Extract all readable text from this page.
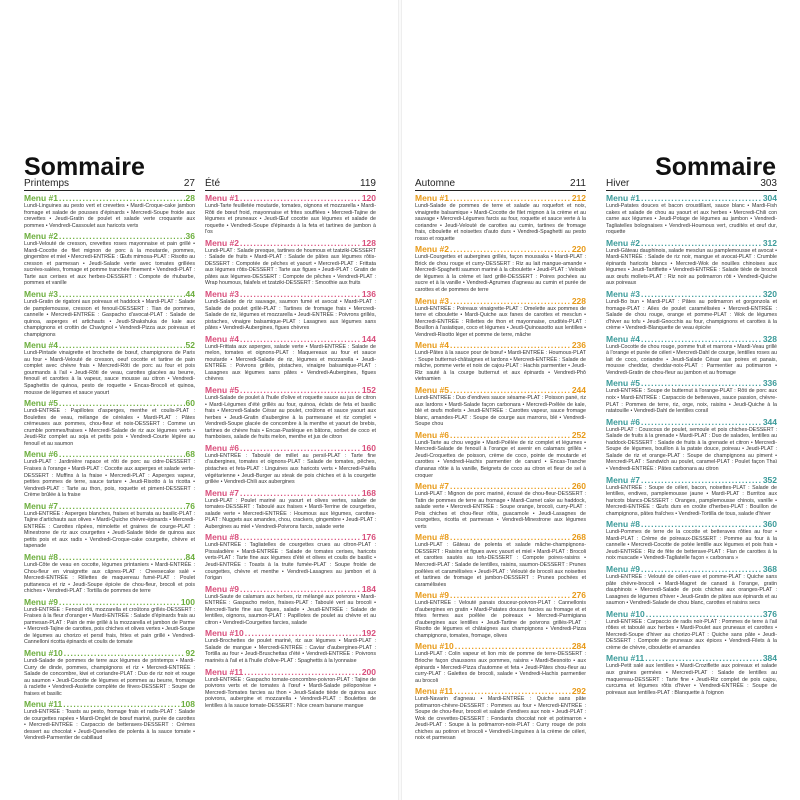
Sommaire
Printemps	27
Menu #1 .....	28

Lundi-Linguines au pesto vert et crevettes • Mardi-Croque-cake jambon fromage et salade de pousses d'épinards • Mercredi-Soupe froide aux crevettes • Jeudi-Gratin de poulet et salade verte croquante aux pommes • Vendredi-Cassoulet aux haricots verts

Menu #2 .....	36

Lundi-Velouté de cresson, crevettes roses mayonnaise et pain grillé • Mardi-Cocotte de filet mignon de porc à la moutarde, pommes, gingembre et miel • Mercredi-ENTRÉE : Œufs mimosa-PLAT : Risotto au cresson et parmesan • Jeudi-Salade verte avec tomates grillées sucrées-salées, fromage et pomme tranchée finement • Vendredi-PLAT : Tarte aux cerises et aux herbes-DESSERT : Compote de rhubarbe, pommes et vanille

Menu #3 .....	44

Lundi-Gratin de rigatoni aux poireaux et haddock • Mardi-PLAT : Salade de pamplemousse, cresson et fenouil-DESSERT : Tian de pommes, cannelle • Mercredi-ENTRÉE : Gaspacho d'avocat-PLAT : Salade de quinoa, asperges et artichauts • Jeudi-Shakshuka de kale aux champignons et crottin de Chavignol • Vendredi-Pizza aux poireaux et champignons

Menu #4 .....	52

Lundi-Pintade vinaigrette et brochette de bœuf, champignons de Paris au four • Mardi-Velouté de cresson, oeuf cocotte et tartine de pain complet avec chèvre frais • Mercredi-Rôti de porc au four et pois gourmands à l'ail • Jeudi-Rôti de veau, carottes glacées au beurre, fenouil et carottes à la vapeur, sauce mousse au citron • Vendredi-Spaghettis de quinoa, pesto de roquette • Encas-Brocoli et quinoa, mousse de légumes et sauce yaourt

Menu #5 .....	60

Lundi-ENTRÉE : Papillotes d'asperges, menthe et coulis-PLAT : Boulettes de veau, mélange de céréales • Mardi-PLAT : Pâtes crémeuses aux pommes, chou-fleur et noix-DESSERT : Comme un crumble pommes/fraises • Mercredi-Salade de riz aux légumes verts • Jeudi-Riz complet au soja et petits pois • Vendredi-Courte légère au fenouil et au saumon

Menu #6 .....	68

Lundi-PLAT : Jardinière rapace et rôti de porc au cidre-DESSERT : Fraises à l'orange • Mardi-PLAT : Cocotte aux asperges et salade verte-DESSERT : Muffins à la fraise • Mercredi-PLAT : Asperges vapeur, petites pommes de terre, sauce tartare • Jeudi-Risotto à la ricotta • Vendredi-PLAT : Tarte au thon, pois, roquette et piment-DESSERT : Crème brûlée à la fraise

Menu #7 .....	76

Lundi-ENTRÉE : Asperges blanches, fraises et burrata au basilic-PLAT : Tajine d'artichauts aux olives • Mardi-Quiche chèvre-épinards • Mercredi-ENTRÉE : Carottes râpées, mimolette et graines de courge-PLAT : Minestrone de riz aux courgettes • Jeudi-Salade tiède de quinoa aux petits pois et aux radis • Vendredi-Croque-cake courgette, chèvre et tapenade

Menu #8 .....	84

Lundi-Côte de veau en cocotte, légumes printaniers • Mardi-ENTRÉE : Chou-fleur en vinaigrette aux câpres-PLAT : Cheesecake salé • Mercredi-ENTRÉE : Rillettes de maquereau fumé-PLAT : Poulet puttanesca et riz • Jeudi-Soupe épicée de chou-fleur, brocoli et pois chiches • Vendredi-PLAT : Tortilla de pommes de terre

Menu #9 .....	100

Lundi-ENTRÉE : Fenouil rôti, mozzarella et croûtons grillés-DESSERT : Fraises à la fleur d'oranger • Mardi-ENTRÉE : Salade d'épinards frais au parmesan-PLAT : Pain de mie grillé à la mozzarella et jambon de Parme • Mercredi-Tajine de carottes, pois chiches et olives vertes • Jeudi-Soupe de légumes au chorizo et persil frais, frites et pain grillé • Vendredi-Cannelloni ricotta épinards et coulis de tomate

Menu #10 .....	92

Lundi-Salade de pommes de terre aux légumes de printemps • Mardi-Curry de dinde, pommes, champignons et riz • Mercredi-ENTRÉE : Salade de concombre, kiwi et coriandre-PLAT : Duo de riz noir et rouge au saumon • Jeudi-Cocotte de légumes et pommes au beurre, fromage à raclette • Vendredi-Assiette complète de fèves-DESSERT : Soupe de fraises et basilic

Menu #11 .....	108

Lundi-ENTRÉE : Toasts au pesto, fromage frais et radis-PLAT : Salade de courgettes rapées • Mardi-Onglet de bœuf mariné, purée de carottes • Mercredi-ENTRÉE : Carpaccio de betteraves-DESSERT : Crèmes dessert au chocolat • Jeudi-Quenelles de polenta à la sauce tomate • Vendredi-Parmentier de cabillaud

Été	119
Menu #1 .....	120

Lundi-Tarte feuilletée moutarde, tomates, oignons et mozzarella • Mardi-Rôti de bœuf froid, mayonnaise et frites soufflées • Mercredi-Tajine de légumes et pruneaux • Jeudi-Œuf cocotte aux légumes et salade de roquette • Vendredi-Soupe d'épinards à la feta et tartines de jambon à l'os

Menu #2 .....	128

Lundi-PLAT : Salade presque, tartines de houmous et tzatziki-DESSERT : Salade de fruits • Mardi-PLAT : Salade de pâtes aux légumes rôtis-DESSERT : Compotée de pêches et yaourt • Mercredi-PLAT : Frittata aux légumes rôtis-DESSERT : Tarte aux figues • Jeudi-PLAT : Gratin de pâtes aux légumes-DESSERT : Compote de pêches • Vendredi-PLAT : Wrap houmous, falafels et tzatziki-DESSERT : Smoothie aux fruits

Menu #3 .....	136

Lundi-Salade de riz sauvage, saumon fumé et avocat • Mardi-PLAT : Salade de poulet grillé-PLAT : Tartines de fromage frais • Mercredi-Salade de riz, légumes et mozzarella • Jeudi-ENTRÉE : Poivrons grillés, pistaches, vinaigre balsamique-PLAT : Lasagnes aux légumes sans pâtes • Vendredi-Aubergines, figues chèvres

Menu #4 .....	144

Lundi-Frittata aux asperges, salade verte • Mardi-ENTRÉE : Salade de melon, tomates et oignons-PLAT : Maquereaux au four et sauce moutarde • Mercredi-Salade de riz, légumes et mozzarella • Jeudi-ENTRÉE : Poivrons grillés, pistaches, vinaigre balsamique-PLAT : Lasagnes aux légumes sans pâtes • Vendredi-Aubergines, figues chèvres

Menu #5 .....	152

Lundi-Salade de poulet à l'huile d'olive et roquette sauce au jus de citron • Mardi-Légumes d'été grillés au four, quinoa, éclats de feta et basilic frais • Mercredi-Salade César au poulet, croûtons et sauce yaourt aux herbes • Jeudi-Gratin d'aubergine à la parmesane et riz complet • Vendredi-Soupe glacée de concombre à la menthe et yaourt de brebis, tartines de chèvre frais • Encas-Pastèque en bâtons, sorbet de coco et framboises, salade de fruits melon, menthe et jus de citron

Menu #6 .....	160

Lundi-ENTRÉE : Taboulé de millet au persil-PLAT : Tarte fine d'aubergines, tomates et oignons-PLAT : Salade de tomates, pêches, pistaches et feta-PLAT : Linguines aux haricots verts • Mercredi-Paëlla végétarienne • Jeudi-Burger au steak de pois chiches et à la courgette grillée • Vendredi-Chili aux aubergines

Menu #7 .....	168

Lundi-PLAT : Poulet mariné au yaourt et olives vertes, salade de tomates-DESSERT : Taboulé aux fraises • Mardi-Terrine de courgettes, salade verte • Mercredi-ENTRÉE : Houmous aux légumes, carottes-PLAT : Nuggets aux amandes, chou, crackers, gingembre • Jeudi-PLAT : Aubergines au miel • Vendredi-Poivrons farcis, salade verte

Menu #8 .....	176

Lundi-ENTRÉE : Tagliatelles de courgettes crues au citron-PLAT : Pissaladière • Mardi-ENTRÉE : Salade de tomates cerises, haricots verts-PLAT : Tarte fine aux légumes d'été et olives et coulis de basilic • Jeudi-ENTRÉE : Toasts à la truite fumée-PLAT : Soupe froide de courgettes, chèvre et menthe • Vendredi-Lasagnes au jambon et à l'origan

Menu #9 .....	184

Lundi-Saute de calamars aux herbes, riz mélangé aux poivrons • Mardi-ENTRÉE : Gaspacho melon, fraises-PLAT : Taboulé vert au brocoli • Mercredi-Tarte fine aux figues, salade • Jeudi-ENTRÉE : Salade de lentilles, oignons, saumon-PLAT : Papillotes de poulet au chèvre et au citron • Vendredi-Courgettes farcies, salade

Menu #10 .....	192

Lundi-Brochettes de poulet mariné, riz aux légumes • Mardi-PLAT : Salade de mangue • Mercredi-ENTRÉE : Caviar d'aubergines-PLAT : Tortilla au four • Jeudi-Bruschettas d'été • Vendredi-ENTRÉE : Poivrons marinés à l'ail et à l'huile d'olive-PLAT : Spaghettis à la lyonnaise

Menu #11 .....	200

Lundi-ENTRÉE : Gaspacho tomate-concombre-poivron-PLAT : Tajine de poivrons verts et de tomates à l'œuf • Mardi-Salade péloponèse • Mercredi-Tomates farcies au thon • Jeudi-Salade tiède de quinoa aux poivrons, aubergine et mozzarella • Vendredi-PLAT : Boulettes de lentilles à la sauce tomate-DESSERT : Nice cream banane mangue

Sommaire
Automne	211
Menu #1 .....	212

Lundi-Salade de pommes de terre et salade au roquefort et noix, vinaigrette balsamique • Mardi-Cocotte de filet mignon à la crème et au sauvage • Mercredi-Légumes farcis au four, roquette et sauce verte à la coriandre • Jeudi-Velouté de carottes au cumin, tartines de fromage frais, ciboulette et noisettes d'auto durs • Vendredi-Spaghetti au pesto rosso et roquette

Menu #2 .....	220

Lundi-Courgettes et aubergines grillés, façon moussaka • Mardi-PLAT : Brick de chou rouge et curry-DESSERT : Riz au lait mangue-amande • Mercredi-Spaghetti saumon mariné à la ciboulette • Jeudi-PLAT : Velouté de légumes à la crème et lard grillé-DESSERT : Poires pochées au sucre et à la vanille • Vendredi-Agrumes d'agneau au cumin et purée de carottes et de pommes de terre

Menu #3 .....	228

Lundi-ENTRÉE : Poireaux vinaigrette-PLAT : Omelette aux pommes de terre et ciboulette • Mardi-Quiche aux fanes de carottes et mesclun • Mercredi-ENTRÉE : Rillettes de thon et mayonnaise, crudités-PLAT : Bouillon à l'asiatique, coco et légumes • Jeudi-Quinoasotto aux lentilles • Vendredi-Risotto léger et pomme de terre, mâche

Menu #4 .....	236

Lundi-Pâtes à la sauce pour de bœuf • Mardi-ENTRÉE : Houmous-PLAT : Soupe butternut-châtaignes et lardons • Mercredi-ENTRÉE : Salade de mâche, pomme verte et noix de cajou-PLAT : Hachis parmentier • Jeudi-Riz sauté à la courge butternut et aux épinards • Vendredi-Phô vietnamien

Menu #5 .....	244

Lundi-ENTRÉE : Duo d'endives sauce sésame-PLAT : Poisson pané, riz aux lardons • Mardi-Salade façon carbonara • Mercredi-Poêlée de kale, blé et œufs mollets • Jeudi-ENTRÉE : Carottes vapeur, sauce fromage blanc, amandes-PLAT : Soupe de courge aux marrons, blé • Vendredi-Soupe chou

Menu #6 .....	252

Lundi-Tarte au chou veggie • Mardi-Poêlée de riz complet et légumes • Mercredi-Salade de fenouil à l'orange et avenir en calamars grillés • Jeudi-Croquettes de poisson, crème de coco, pointe de moutarde et carottes • Vendredi-Hachis parmentier de canard • Encas-Tranche d'ananas rôtie à la vanille, Beignets de coco au citron et fleur de sel à croquer

Menu #7 .....	260

Lundi-PLAT : Mignon de porc mariné, écrasé de chou-fleur-DESSERT : Tatin de pommes de terre au fromage • Mardi-Carnet cake au haddock, salade verte • Mercredi-ENTRÉE : Soupe orange, brocoli, curry-PLAT : Pois chiches et chou-fleur rôtis, guacamole • Jeudi-Lasagnes de courgettes, ricotta et parmesan • Vendredi-Minestrone aux légumes verts

Menu #8 .....	268

Lundi-PLAT : Gâteau de polenta et salade mâche-champignons-DESSERT : Raisins et figues avec yaourt et miel • Mardi-PLAT : Brocoli et carottes sautés au tofu-DESSERT : Compote poires-raisins • Mercredi-PLAT : Salade de lentilles, raisins, saumon-DESSERT : Prunes poêlées et caramélisées • Jeudi-PLAT : Velouté de brocoli aux noisettes et tartines de fromage et jambon-DESSERT : Prunes pochées et caramélisées

Menu #9 .....	276

Lundi-ENTRÉE : Velouté panais douceur-poivron-PLAT : Cannellonis d'aubergines en gratin • Mardi-Patates douces farcies au fromage et et frites fermes aux poêlée de poireaux • Mercredi-Parmigiana d'aubergines aux lentilles • Jeudi-Tartine de poivrons grillés-PLAT : Risotto de légumes et châtaignes aux champignons • Vendredi-Pizza champignons, tomates, fromage, olives

Menu #10 .....	284

Lundi-PLAT : Colin vapeur et lion mix de pomme de terre-DESSERT : Brioche façon chaussons aux pommes, raisins • Mardi-Besnoito • aux épinards • Mercredi-Pizza d'automne et feta • Jeudi-Pâtes chou-fleur au curry-PLAT : Galettes de brocoli, salade • Vendredi-Hachis parmentier au brocoli

Menu #11 .....	292

Lundi-Navarin d'agneau • Mardi-ENTRÉE : Quiche sans pâte potimarron-chèvre-DESSERT : Pommes au four • Mercredi-ENTRÉE : Soupe de chou-fleur, brocoli et salade d'endives aux noix • Jeudi-PLAT : Wok de crevettes-DESSERT : Fondants chocolat noir et potimarron • Jeudi-PLAT : Soupe à la potimarron-noix-PLAT : Curry rouge de pois chiches au potiron et brocoli • Vendredi-Linguines à la crème de céleri, noix et parmesan

Hiver	303
Menu #1 .....	304

Lundi-Patates douces et bacon croustillant, sauce blanc • Mardi-Fish cakes et salade de chou au yaourt et aux herbes • Mercredi-Chili con carne aux légumes • Jeudi-Potage de légumes au jambon • Vendredi-Tagliatelles bolognaises • Vendredi-Houmous vert, crudités et œuf dur, roquette

Menu #2 .....	312

Lundi-Gâteau dauphinois, salade mesclun au pamplemousse et avocat • Mardi-ENTRÉE : Salade de riz noir, mangue et avocat-PLAT : Crumble épinards haricots blancs • Mercredi-Wok de nouilles chinoises aux légumes • Jeudi-Tartiflette • Vendredi-ENTRÉE : Salade tiède de brocoli aux œufs mollets-PLAT : Riz noir au potimarron rôti • Vendredi-Quiche aux poireaux

Menu #3 .....	320

Lundi-Bo bun • Mardi-PLAT : Pâtes au potimarron et gorgonzola et fromage-PLAT : Ailes de poulet caramélisées • Mercredi-ENTRÉE : Salade de chou rouge, orange et pomme-PLAT : Wok de légumes d'hiver au tofu • Jeudi-Gnocchis au four, champignons et carottes à la crème • Vendredi-Blanquette de veau épicée

Menu #4 .....	328

Lundi-Cocotte de chou rouge, pomme fruit et marrons • Mardi-Veau grillé à l'orange et purée de céleri • Mercredi-Dahl de courge, lentilles roses au lait de coco, coriandre • Jeudi-Salade César aux poires et panais, mousse cheddar, cheddar-noix-PLAT : Parmentier au potimarron • Vendredi-Gratin de chou-fleur au jambon et au fromage

Menu #5 .....	336

Lundi-ENTRÉE : Soupe de butternut à l'orange-PLAT : Rôti de porc aux noix • Mardi-ENTRÉE : Carpaccio de betteraves, sauce passion, chèvre-PLAT : Pommes de terre, riz, orge, noix, raisins • Jeudi-Quiche à la ratatouille • Vendredi-Dahl de lentilles corail

Menu #6 .....	344

Lundi-PLAT : Couscous de poulet, semoule et pois chiches-DESSERT : Salade de fruits à la grenade • Mardi-PLAT : Duo de salades, lentilles au haddock-DESSERT : Salade de fruits à la grenade et citron • Mercredi-Soupe de légumes, bouillon à la patate douce, poireau • Jeudi-PLAT : Salade de riz et orange-PLAT : Soupe de champignons au piment • Mercredi-PLAT : Sandwich au poulet, caramel-PLAT : Poulet façon Thaï • Vendredi-ENTRÉE : Pâtes carbonara au citron

Menu #7 .....	352

Lundi-ENTRÉE : Soupe de céleri, bacon, noisettes-PLAT : Salade de lentilles, endives, pamplemousse jaune • Mardi-PLAT : Burritos aux haricots blancs-DESSERT : Oranges, pamplemousse chinois, vanille • Mercredi-ENTRÉE : Œufs durs en croûte d'herbes-PLAT : Bouillon de champignons, pâtes fraîches • Vendredi-Tortilla de tous, salade d'hiver

Menu #8 .....	360

Lundi-Pommes de terre de la cocotte et betteraves rôties au four • Mardi-PLAT : Crème de poireaux-DESSERT : Pomme au four à la cannelle • Mercredi-Cocotte de potée lentille aux légumes et pois frais • Jeudi-ENTRÉE : Riz de fête de betterave-PLAT : Flan de carottes à la noix muscade • Vendredi-Tagliatelle façon « carbonara »

Menu #9 .....	368

Lundi-ENTRÉE : Velouté de céleri-rave et pomme-PLAT : Quiche sans pâte chèvre-brocoli • Mardi-Magret de canard à l'orange, gratin dauphinois • Mercredi-Salade de pois chiches aux oranges-PLAT : Lasagnes de légumes d'hiver • Jeudi-Gratin de pâtes aux épinards et au saumon • Vendredi-Salade de chou blanc, carottes et raisins secs

Menu #10 .....	376

Lundi-ENTRÉE : Carpaccio de radis noir-PLAT : Pommes de terre à l'ail rôties et taboulé aux herbes • Mardi-Poulet aux pruneaux et carottes • Mercredi-Soupe d'hiver au chorizo-PLAT : Quiche sans pâte • Jeudi-DESSERT : Compote de pruneaux aux épices • Vendredi-Filets à la crème de chèvre, ciboulette et amandes

Menu #11 .....	384

Lundi-Petit salé aux lentilles • Mardi-Croziflette aux poireaux et salade aux graines germées • Mercredi-PLAT : Salade de lentilles au maquereau-DESSERT : Tarte fine • Jeudi-Riz complet de pois cajou, curcuma et légumes rôtis d'hiver • Vendredi-ENTRÉE : Soupe de poireaux aux lentilles-PLAT : Blanquette à l'oignon
